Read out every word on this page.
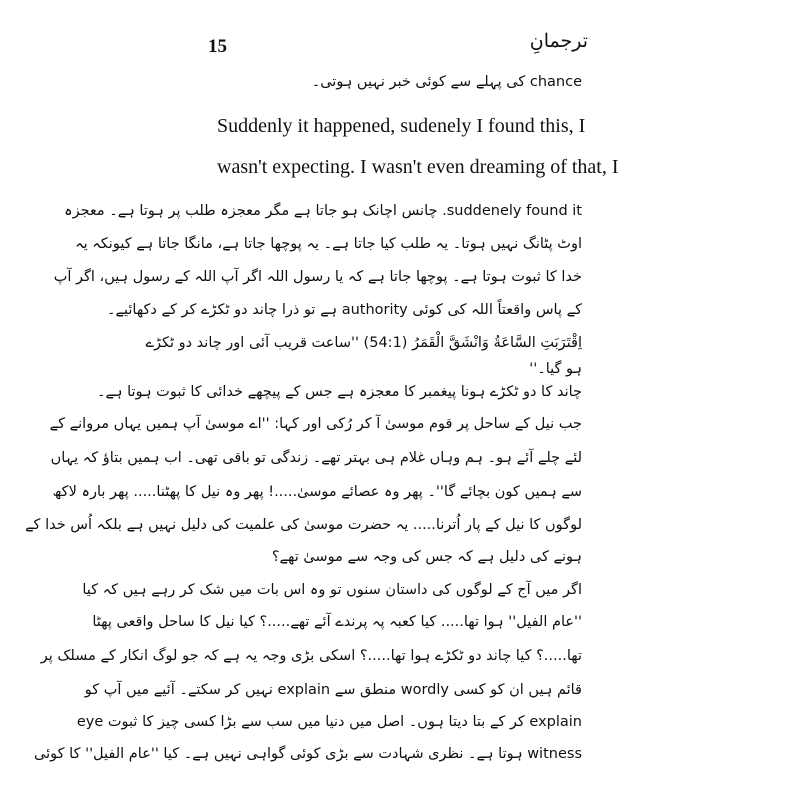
15	ترجمانِ
chance کی پہلے سے کوئی خبر نہیں ہوتی۔
Suddenly it happened, sudenely I found this, I
wasn't expecting. I wasn't even dreaming of that, I
suddenely found it. چانس اچانک ہو جاتا ہے مگر معجزہ طلب پر ہوتا ہے۔ معجزہ
اوٹ پٹانگ نہیں ہوتا۔ یہ طلب کیا جاتا ہے۔ یہ پوچھا جاتا ہے، مانگا جاتا ہے کیونکہ یہ
خدا کا ثبوت ہوتا ہے۔ پوچھا جاتا ہے کہ یا رسول اللہ اگر آپ اللہ کے رسول ہیں، اگر آپ
کے پاس واقعتاً اللہ کی کوئی authority ہے تو ذرا چاند دو ٹکڑے کر کے دکھائیے۔
اِقْتَرَبَتِ السَّاعَةُ وَانْشَقَّ الْقَمَرُ (54:1) ''ساعت قریب آئی اور چاند دو ٹکڑے
ہو گیا۔''
چاند کا دو ٹکڑے ہونا پیغمبر کا معجزہ ہے جس کے پیچھے خدائی کا ثبوت ہوتا ہے۔
جب نیل کے ساحل پر قوم موسیٰ آ کر رُکی اور کہا: ''اے موسیٰ آپ ہمیں یہاں مروانے کے
لئے چلے آئے ہو۔ ہم وہاں غلام ہی بہتر تھے۔ زندگی تو باقی تھی۔ اب ہمیں بتاؤ کہ یہاں
سے ہمیں کون بچائے گا''۔ پھر وہ عصائے موسیٰ.....! پھر وہ نیل کا پھٹنا..... پھر بارہ لاکھ
لوگوں کا نیل کے پار اُترنا..... یہ حضرت موسیٰ کی علمیت کی دلیل نہیں ہے بلکہ اُس خدا کے
ہونے کی دلیل ہے کہ جس کی وجہ سے موسیٰ تھے؟
اگر میں آج کے لوگوں کی داستان سنوں تو وہ اس بات میں شک کر رہے ہیں کہ کیا
''عام الفیل'' ہوا تھا..... کیا کعبہ پہ پرندے آئے تھے.....؟ کیا نیل کا ساحل واقعی پھٹا
تھا.....؟ کیا چاند دو ٹکڑے ہوا تھا.....؟ اسکی بڑی وجہ یہ ہے کہ جو لوگ انکار کے مسلک پر
قائم ہیں ان کو کسی wordly منطق سے explain نہیں کر سکتے۔ آئیے میں آپ کو
explain کر کے بتا دیتا ہوں۔ اصل میں دنیا میں سب سے بڑا کسی چیز کا ثبوت eye
witness ہوتا ہے۔ نظری شہادت سے بڑی کوئی گواہی نہیں ہے۔ کیا ''عام الفیل'' کا کوئی
